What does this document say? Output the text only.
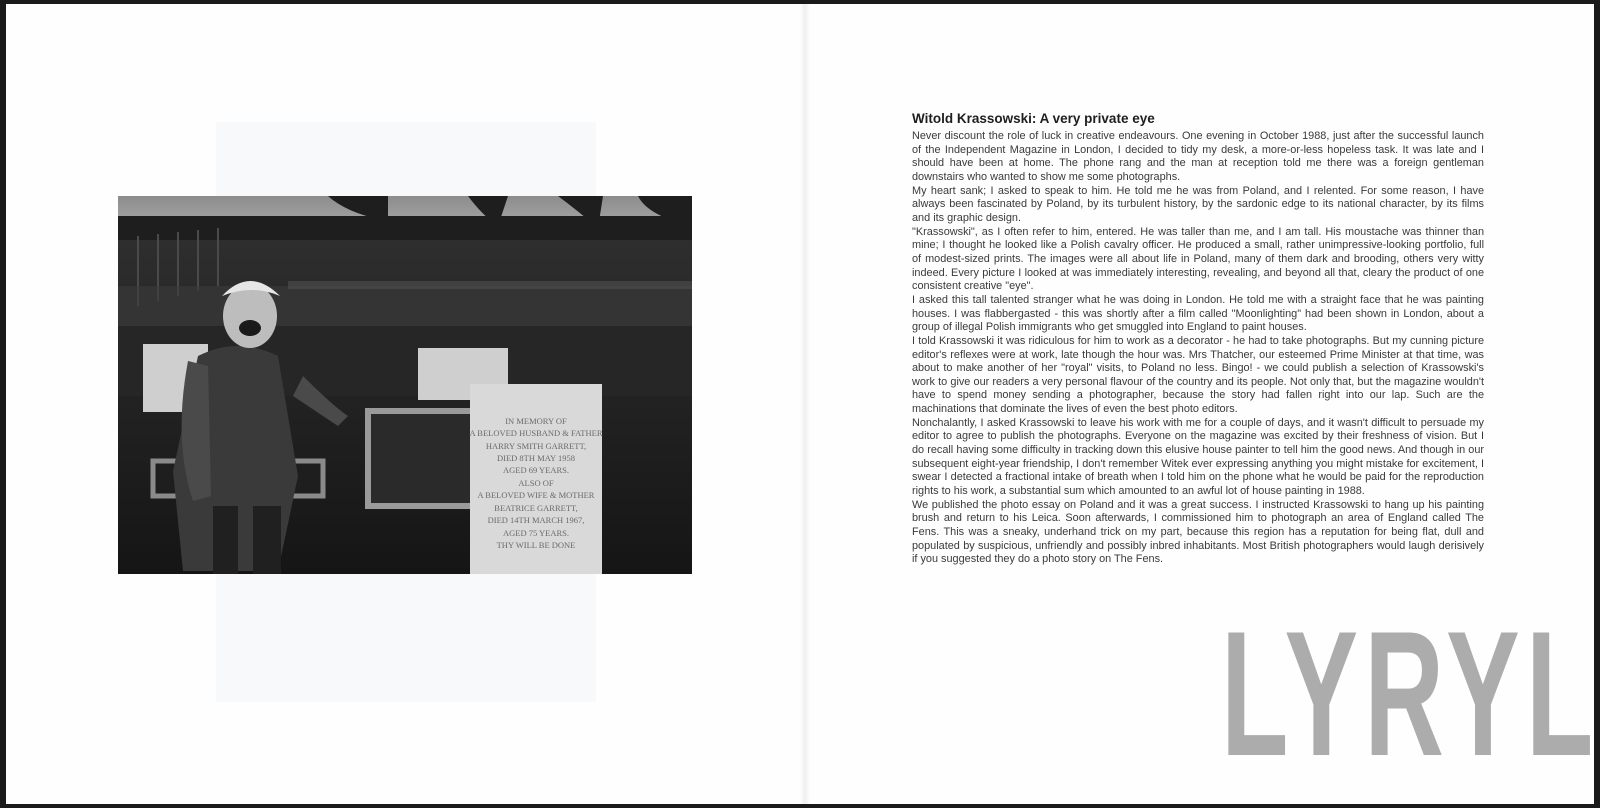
IN MEMORY OF
A BELOVED HUSBAND & FATHER
HARRY SMITH GARRETT,
DIED 8TH MAY 1958
AGED 69 YEARS.
ALSO OF
A BELOVED WIFE & MOTHER
BEATRICE GARRETT,
DIED 14TH MARCH 1967,
AGED 75 YEARS.
THY WILL BE DONE
Witold Krassowski: A very private eye

Never discount the role of luck in creative endeavours. One evening in October 1988, just after the successful launch of the Independent Magazine in London, I decided to tidy my desk, a more-or-less hopeless task. It was late and I should have been at home. The phone rang and the man at reception told me there was a foreign gentleman downstairs who wanted to show me some photographs.

My heart sank; I asked to speak to him. He told me he was from Poland, and I relented. For some reason, I have always been fascinated by Poland, by its turbulent history, by the sardonic edge to its national character, by its films and its graphic design.

"Krassowski", as I often refer to him, entered. He was taller than me, and I am tall. His moustache was thinner than mine; I thought he looked like a Polish cavalry officer. He produced a small, rather unimpressive-looking portfolio, full of modest-sized prints. The images were all about life in Poland, many of them dark and brooding, others very witty indeed. Every picture I looked at was immediately interesting, revealing, and beyond all that, cleary the product of one consistent creative "eye".

I asked this tall talented stranger what he was doing in London. He told me with a straight face that he was painting houses. I was flabbergasted - this was shortly after a film called "Moonlighting" had been shown in London, about a group of illegal Polish immigrants who get smuggled into England to paint houses.

I told Krassowski it was ridiculous for him to work as a decorator - he had to take photographs. But my cunning picture editor's reflexes were at work, late though the hour was. Mrs Thatcher, our esteemed Prime Minister at that time, was about to make another of her "royal" visits, to Poland no less. Bingo! - we could publish a selection of Krassowski's work to give our readers a very personal flavour of the country and its people. Not only that, but the magazine wouldn't have to spend money sending a photographer, because the story had fallen right into our lap. Such are the machinations that dominate the lives of even the best photo editors.

Nonchalantly, I asked Krassowski to leave his work with me for a couple of days, and it wasn't difficult to persuade my editor to agree to publish the photographs. Everyone on the magazine was excited by their freshness of vision. But I do recall having some difficulty in tracking down this elusive house painter to tell him the good news. And though in our subsequent eight-year friendship, I don't remember Witek ever expressing anything you might mistake for excitement, I swear I detected a fractional intake of breath when I told him on the phone what he would be paid for the reproduction rights to his work, a substantial sum which amounted to an awful lot of house painting in 1988.

We published the photo essay on Poland and it was a great success. I instructed Krassowski to hang up his painting brush and return to his Leica. Soon afterwards, I commissioned him to photograph an area of England called The Fens. This was a sneaky, underhand trick on my part, because this region has a reputation for being flat, dull and populated by suspicious, unfriendly and possibly inbred inhabitants. Most British photographers would laugh derisively if you suggested they do a photo story on The Fens.

LYRYL
